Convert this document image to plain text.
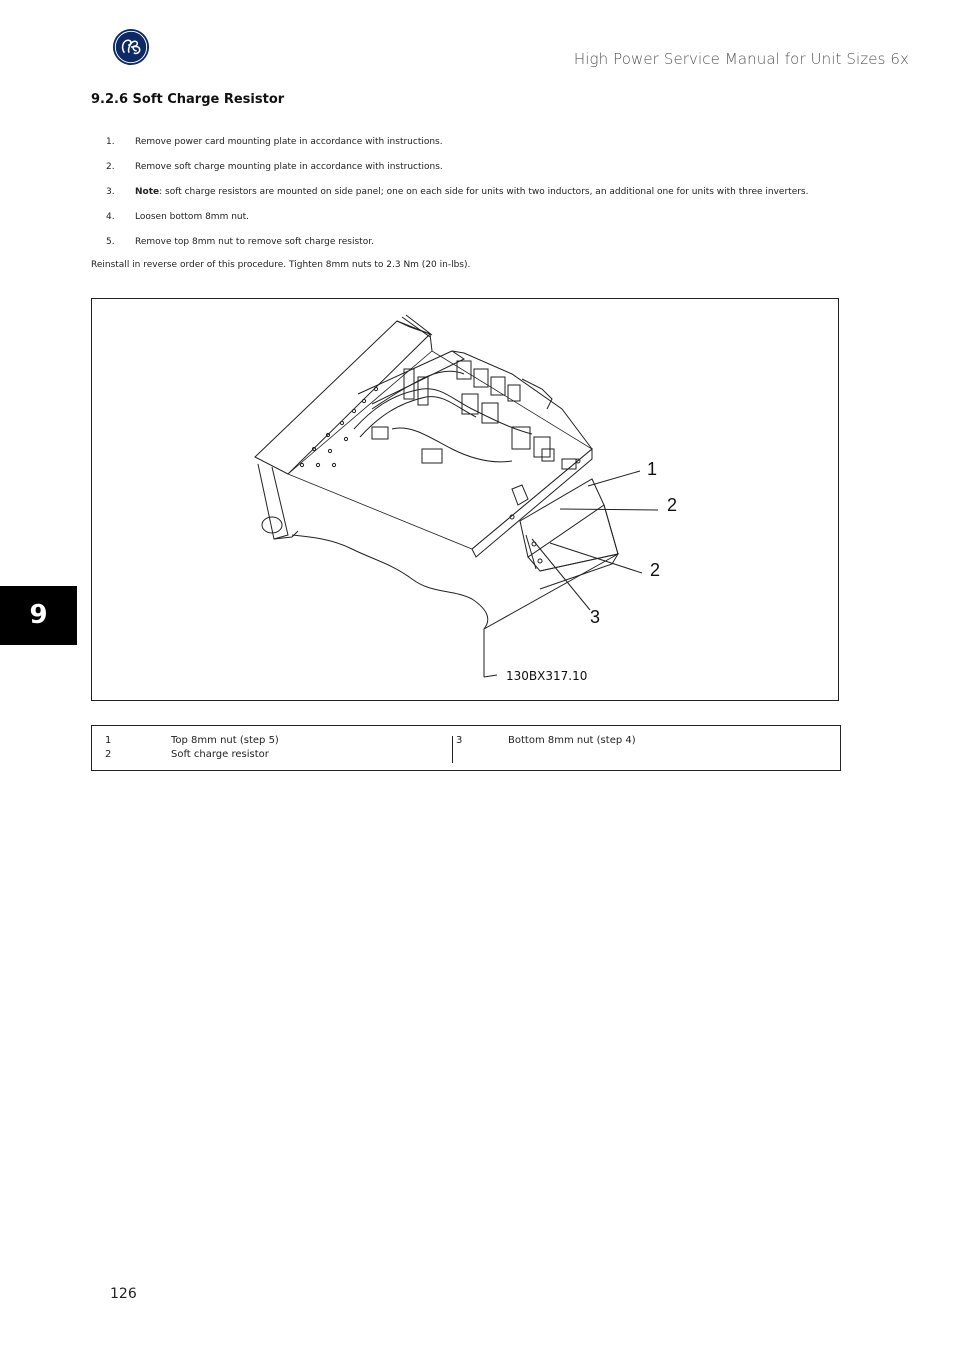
High Power Service Manual for Unit Sizes 6x
9.2.6 Soft Charge Resistor
1. Remove power card mounting plate in accordance with instructions.
2. Remove soft charge mounting plate in accordance with instructions.
3. Note: soft charge resistors are mounted on side panel; one on each side for units with two inductors, an additional one for units with three inverters.
4. Loosen bottom 8mm nut.
5. Remove top 8mm nut to remove soft charge resistor.
Reinstall in reverse order of this procedure. Tighten 8mm nuts to 2.3 Nm (20 in-lbs).
1
2
2
3
130BX317.10
1	Top 8mm nut (step 5)
2	Soft charge resistor
3	Bottom 8mm nut (step 4)
9
126
